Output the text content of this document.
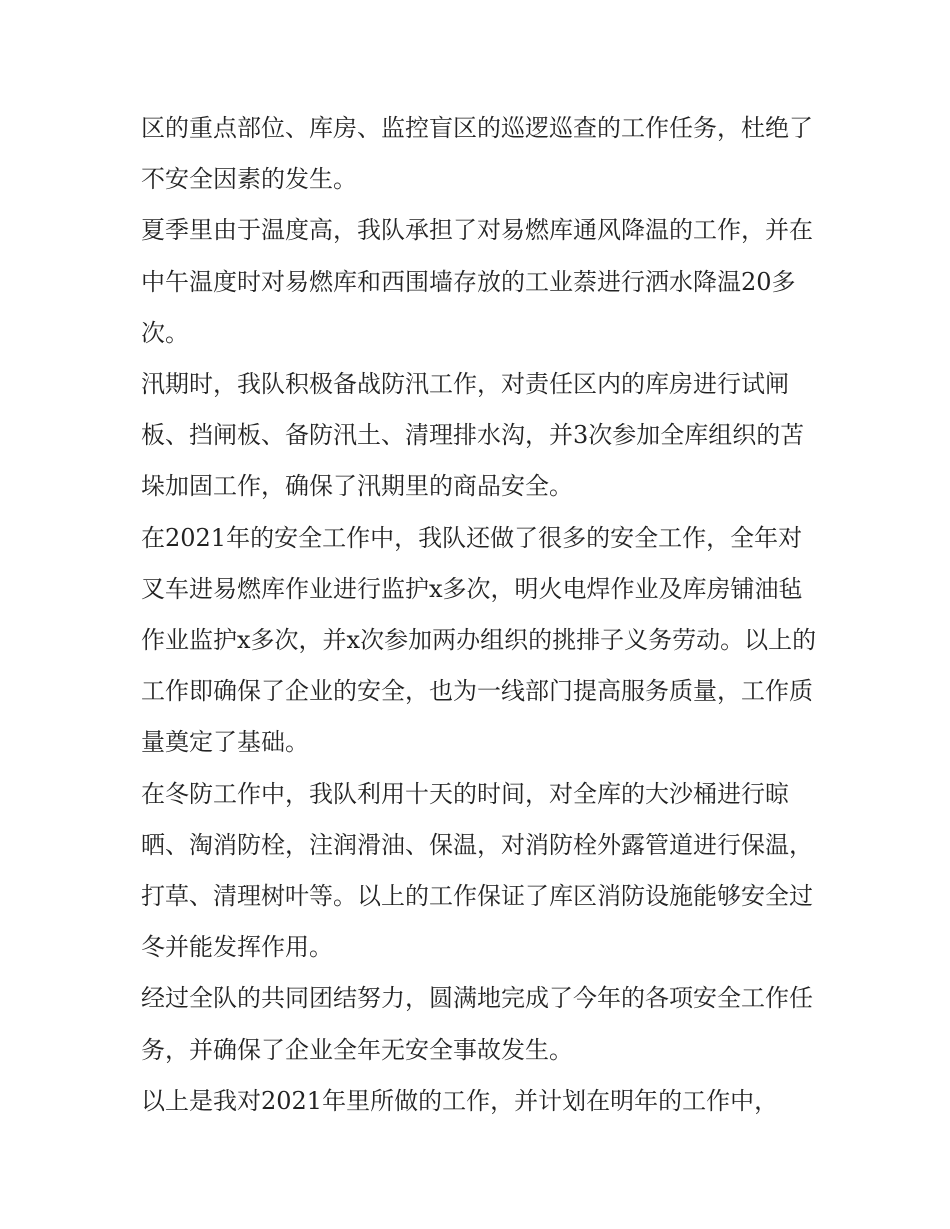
区的重点部位、库房、监控盲区的巡逻巡查的工作任务，杜绝了不安全因素的发生。

夏季里由于温度高，我队承担了对易燃库通风降温的工作，并在中午温度时对易燃库和西围墙存放的工业萘进行洒水降温20多次。

汛期时，我队积极备战防汛工作，对责任区内的库房进行试闸板、挡闸板、备防汛土、清理排水沟，并3次参加全库组织的苫垛加固工作，确保了汛期里的商品安全。

在2021年的安全工作中，我队还做了很多的安全工作，全年对叉车进易燃库作业进行监护x多次，明火电焊作业及库房铺油毡作业监护x多次，并x次参加两办组织的挑排子义务劳动。以上的工作即确保了企业的安全，也为一线部门提高服务质量，工作质量奠定了基础。

在冬防工作中，我队利用十天的时间，对全库的大沙桶进行晾晒、淘消防栓，注润滑油、保温，对消防栓外露管道进行保温，打草、清理树叶等。以上的工作保证了库区消防设施能够安全过冬并能发挥作用。

经过全队的共同团结努力，圆满地完成了今年的各项安全工作任务，并确保了企业全年无安全事故发生。

以上是我对2021年里所做的工作，并计划在明年的工作中，
